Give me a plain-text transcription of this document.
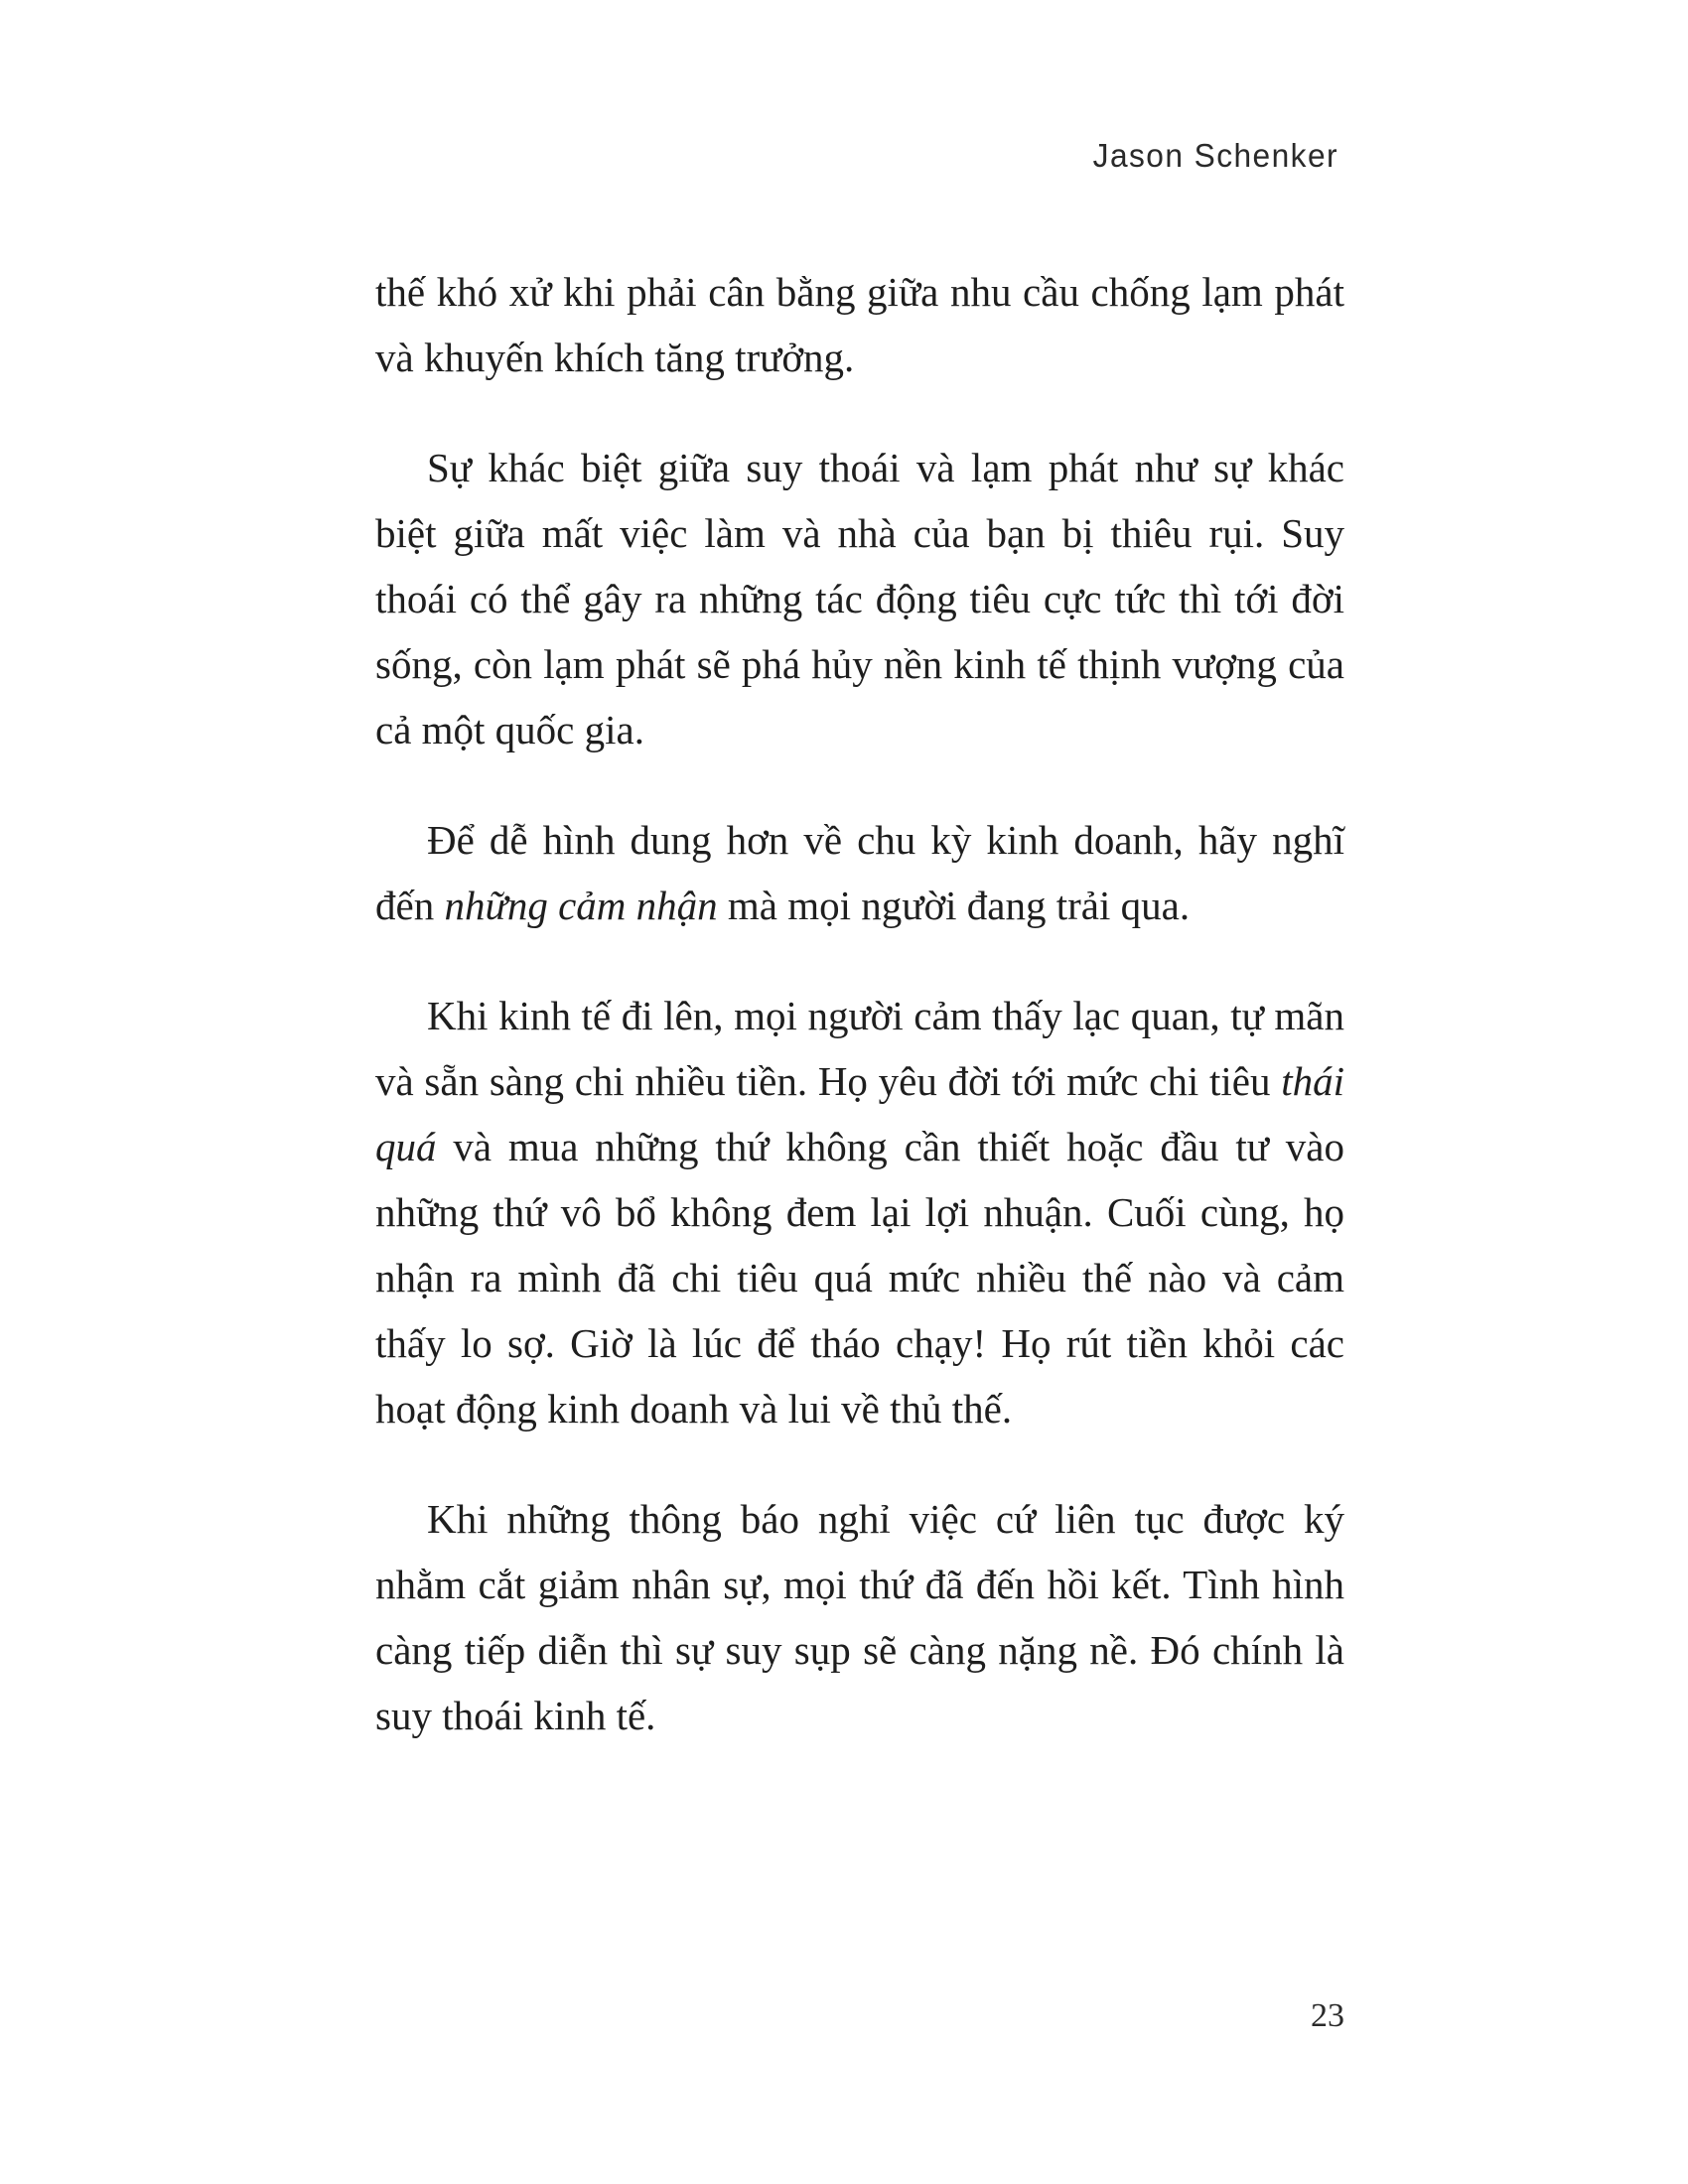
Jason Schenker

thế khó xử khi phải cân bằng giữa nhu cầu chống lạm phát và khuyến khích tăng trưởng.

Sự khác biệt giữa suy thoái và lạm phát như sự khác biệt giữa mất việc làm và nhà của bạn bị thiêu rụi. Suy thoái có thể gây ra những tác động tiêu cực tức thì tới đời sống, còn lạm phát sẽ phá hủy nền kinh tế thịnh vượng của cả một quốc gia.

Để dễ hình dung hơn về chu kỳ kinh doanh, hãy nghĩ đến những cảm nhận mà mọi người đang trải qua.

Khi kinh tế đi lên, mọi người cảm thấy lạc quan, tự mãn và sẵn sàng chi nhiều tiền. Họ yêu đời tới mức chi tiêu thái quá và mua những thứ không cần thiết hoặc đầu tư vào những thứ vô bổ không đem lại lợi nhuận. Cuối cùng, họ nhận ra mình đã chi tiêu quá mức nhiều thế nào và cảm thấy lo sợ. Giờ là lúc để tháo chạy! Họ rút tiền khỏi các hoạt động kinh doanh và lui về thủ thế.

Khi những thông báo nghỉ việc cứ liên tục được ký nhằm cắt giảm nhân sự, mọi thứ đã đến hồi kết. Tình hình càng tiếp diễn thì sự suy sụp sẽ càng nặng nề. Đó chính là suy thoái kinh tế.

23
